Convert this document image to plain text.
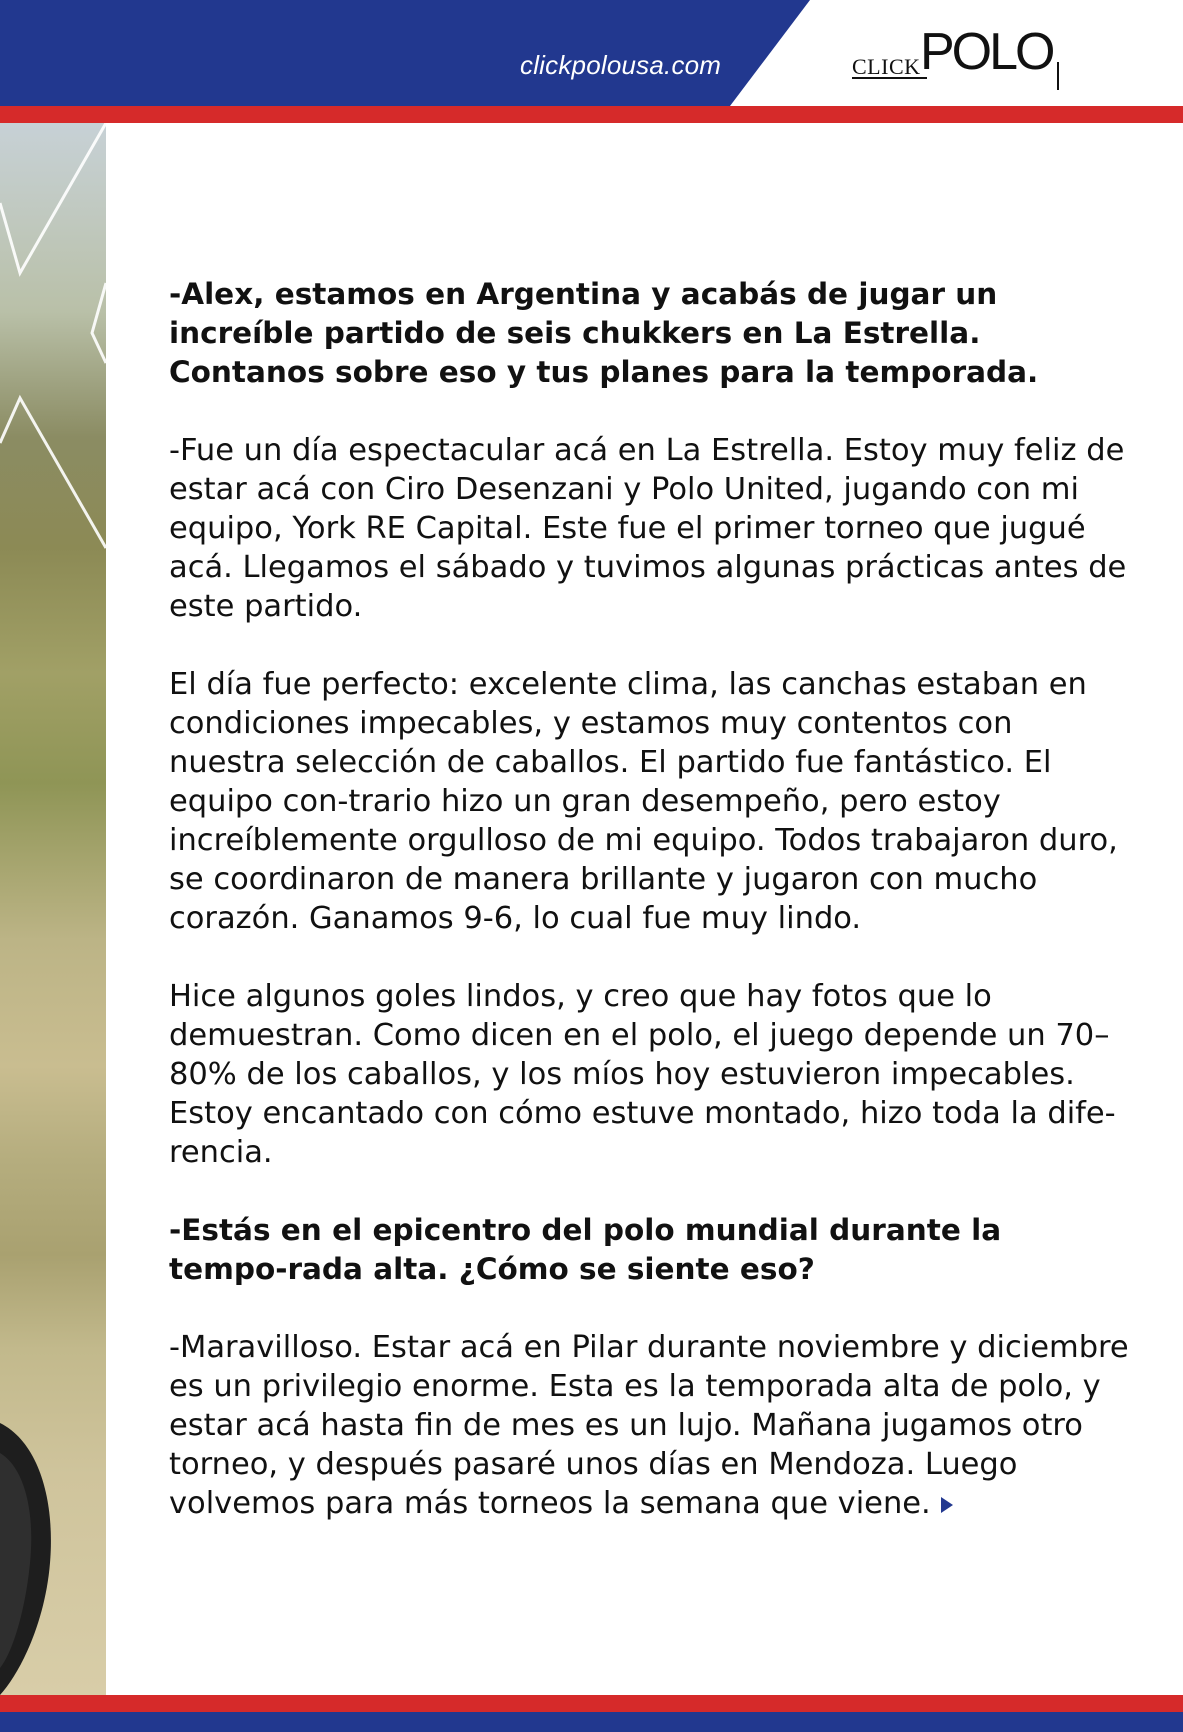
clickpolousa.com	CLICK POLO

-Alex, estamos en Argentina y acabás de jugar un increíble partido de seis chukkers en La Estrella. Contanos sobre eso y tus planes para la temporada.

-Fue un día espectacular acá en La Estrella. Estoy muy feliz de estar acá con Ciro Desenzani y Polo United, jugando con mi equipo, York RE Capital. Este fue el primer torneo que jugué acá. Llegamos el sábado y tuvimos algunas prácticas antes de este partido.

El día fue perfecto: excelente clima, las canchas estaban en condiciones impecables, y estamos muy contentos con nuestra selección de caballos. El partido fue fantástico. El equipo con-trario hizo un gran desempeño, pero estoy increíblemente orgulloso de mi equipo. Todos trabajaron duro, se coordinaron de manera brillante y jugaron con mucho corazón. Ganamos 9-6, lo cual fue muy lindo.

Hice algunos goles lindos, y creo que hay fotos que lo demuestran. Como dicen en el polo, el juego depende un 70–80% de los caballos, y los míos hoy estuvieron impecables. Estoy encantado con cómo estuve montado, hizo toda la dife-rencia.

-Estás en el epicentro del polo mundial durante la tempo-rada alta. ¿Cómo se siente eso?

-Maravilloso. Estar acá en Pilar durante noviembre y diciembre es un privilegio enorme. Esta es la temporada alta de polo, y estar acá hasta fin de mes es un lujo. Mañana jugamos otro torneo, y después pasaré unos días en Mendoza. Luego volvemos para más torneos la semana que viene.
